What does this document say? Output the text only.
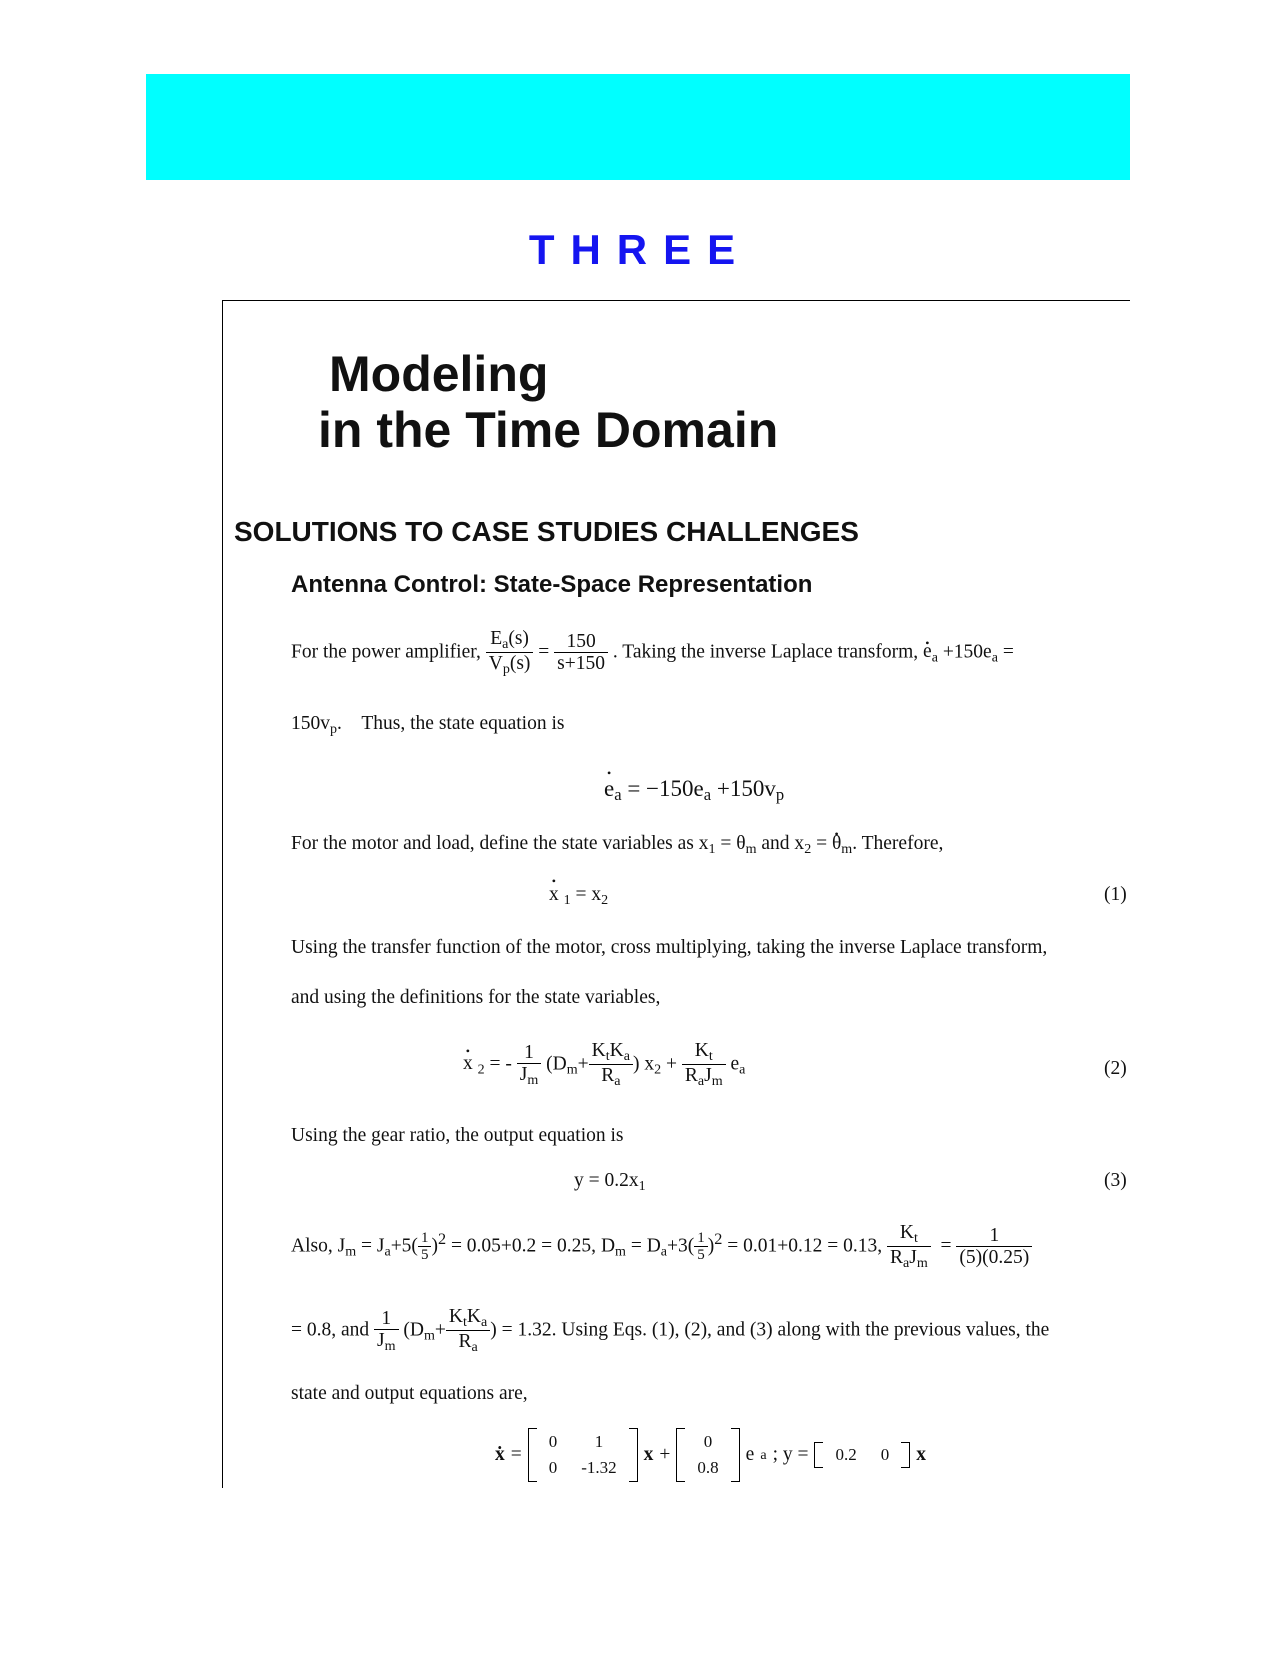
THREE
Modeling
in the Time Domain
SOLUTIONS TO CASE STUDIES CHALLENGES
Antenna Control: State-Space Representation
For the power amplifier, $\frac{E_a(s)}{V_p(s)} = \frac{150}{s+150}$ . Taking the inverse Laplace transform, • $e_a +150e_a$ =
$150v_p$.    Thus, the state equation is
• $e_a = -150e_a +150v_p$
For the motor and load, define the state variables as $x_1 = \theta_m$ and $x_2$ = • $\theta_m$. Therefore,
• x $_1 = x_2$	(1)
Using the transfer function of the motor, cross multiplying, taking the inverse Laplace transform,
and using the definitions for the state variables,
• x $_2$ = - $\frac{1}{J_m} (D_m+ \frac{K_tK_a}{R_a}$ ) $x_2 + \frac{K_t}{R_aJ_m} e_a$	(2)
Using the gear ratio, the output equation is
$y = 0.2x_1$	(3)
Also, $J_m = J_a+5( \frac{1}{5} )^2 = 0.05+0.2 = 0.25$, $D_m = D_a+3( \frac{1}{5} )^2 = 0.01+0.12 = 0.13$, $\frac{K_t}{R_aJ_m} = \frac{1}{(5)(0.25)}$
= 0.8, and $\frac{1}{J_m} (D_m+ \frac{K_tK_a}{R_a}$ ) = 1.32. Using Eqs. (1), (2), and (3) along with the previous values, the
state and output equations are,
ẋ =
0	1
0	-1.32
x +
0
0.8
e a ; y = 0.2	0 x
